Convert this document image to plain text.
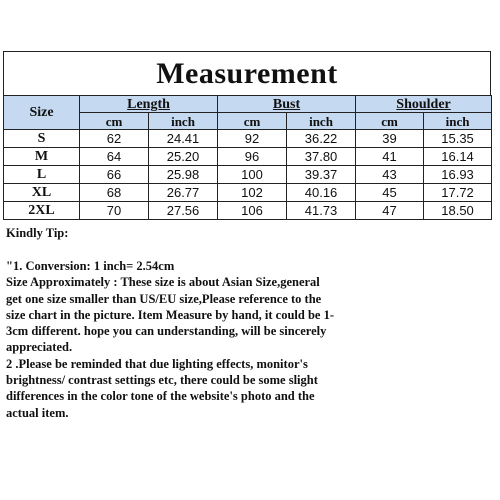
Measurement
Size	Length		Bust		Shoulder	
	cm	inch	cm	inch	cm	inch
S	62	24.41	92	36.22	39	15.35
M	64	25.20	96	37.80	41	16.14
L	66	25.98	100	39.37	43	16.93
XL	68	26.77	102	40.16	45	17.72
2XL	70	27.56	106	41.73	47	18.50
Kindly Tip:

"1. Conversion: 1 inch= 2.54cm

Size Approximately : These size is about Asian Size,general

get one size smaller than US/EU size,Please reference to the

size chart in the picture. Item Measure by hand, it could be 1-

3cm different. hope you can understanding, will be sincerely

appreciated.

2 .Please be reminded that due lighting effects, monitor's

brightness/ contrast settings etc, there could be some slight

differences in the color tone of the website's photo and the

actual item.
